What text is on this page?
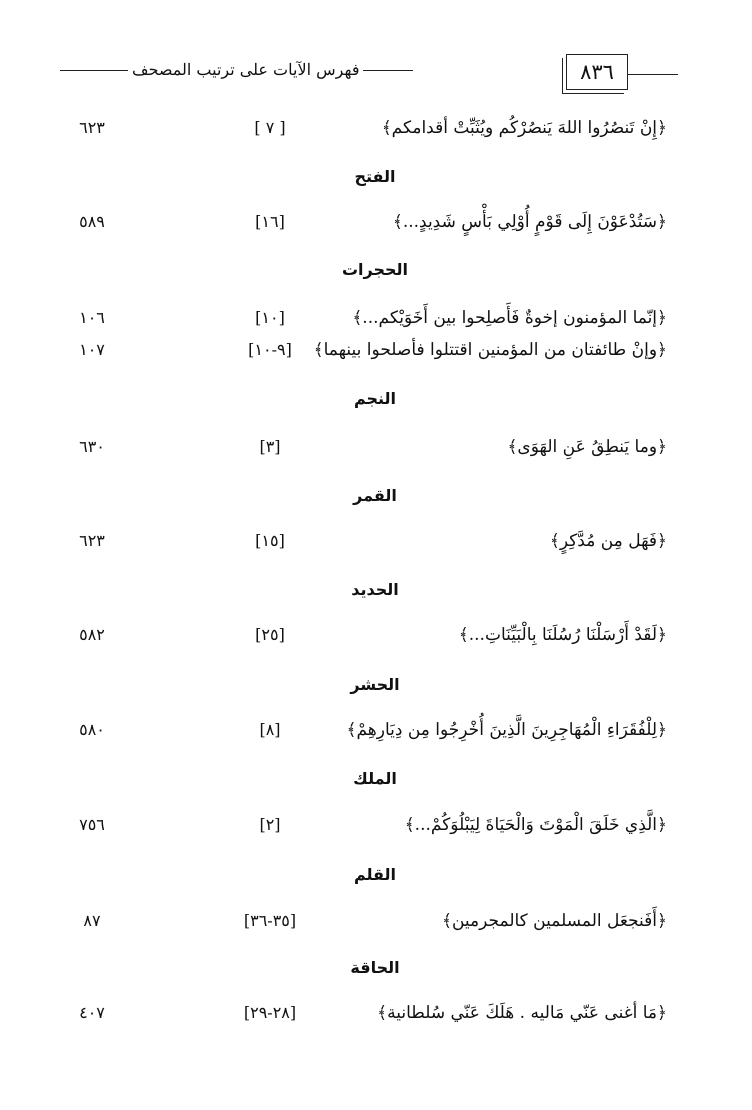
٨٣٦
فهرس الآيات على ترتيب المصحف
﴿إِنْ تَنصُرُوا اللهَ يَنصُرْكُم ويُثَبِّتْ أقدامكم﴾
[ ٧ ]
٦٢٣
الفتح
﴿سَتُدْعَوْنَ إِلَى قَوْمٍ أُوْلِي بَأْسٍ شَدِيدٍ...﴾
[١٦]
٥٨٩
الحجرات
﴿إنّما المؤمنون إخوةٌ فَأَصلِحوا بين أَخَوَيْكم...﴾
[١٠]
١٠٦
﴿وإنْ طائفتان من المؤمنين اقتتلوا فأصلحوا بينهما﴾
[٩-١٠]
١٠٧
النجم
﴿وما يَنطِقُ عَنِ الهَوَى﴾
[٣]
٦٣٠
القمر
﴿فَهَل مِن مُدَّكِرٍ﴾
[١٥]
٦٢٣
الحديد
﴿لَقَدْ أَرْسَلْنَا رُسُلَنَا بِالْبَيِّنَاتِ...﴾
[٢٥]
٥٨٢
الحشر
﴿لِلْفُقَرَاءِ الْمُهَاجِرِينَ الَّذِينَ أُخْرِجُوا مِن دِيَارِهِمْ﴾
[٨]
٥٨٠
الملك
﴿الَّذِي خَلَقَ الْمَوْتَ وَالْحَيَاةَ لِيَبْلُوَكُمْ...﴾
[٢]
٧٥٦
القلم
﴿أَفَنجعَل المسلمين كالمجرمين﴾
[٣٥-٣٦]
٨٧
الحاقة
﴿مَا أغنى عَنّي مَاليه . هَلَكَ عَنّي سُلطانية﴾
[٢٨-٢٩]
٤٠٧
